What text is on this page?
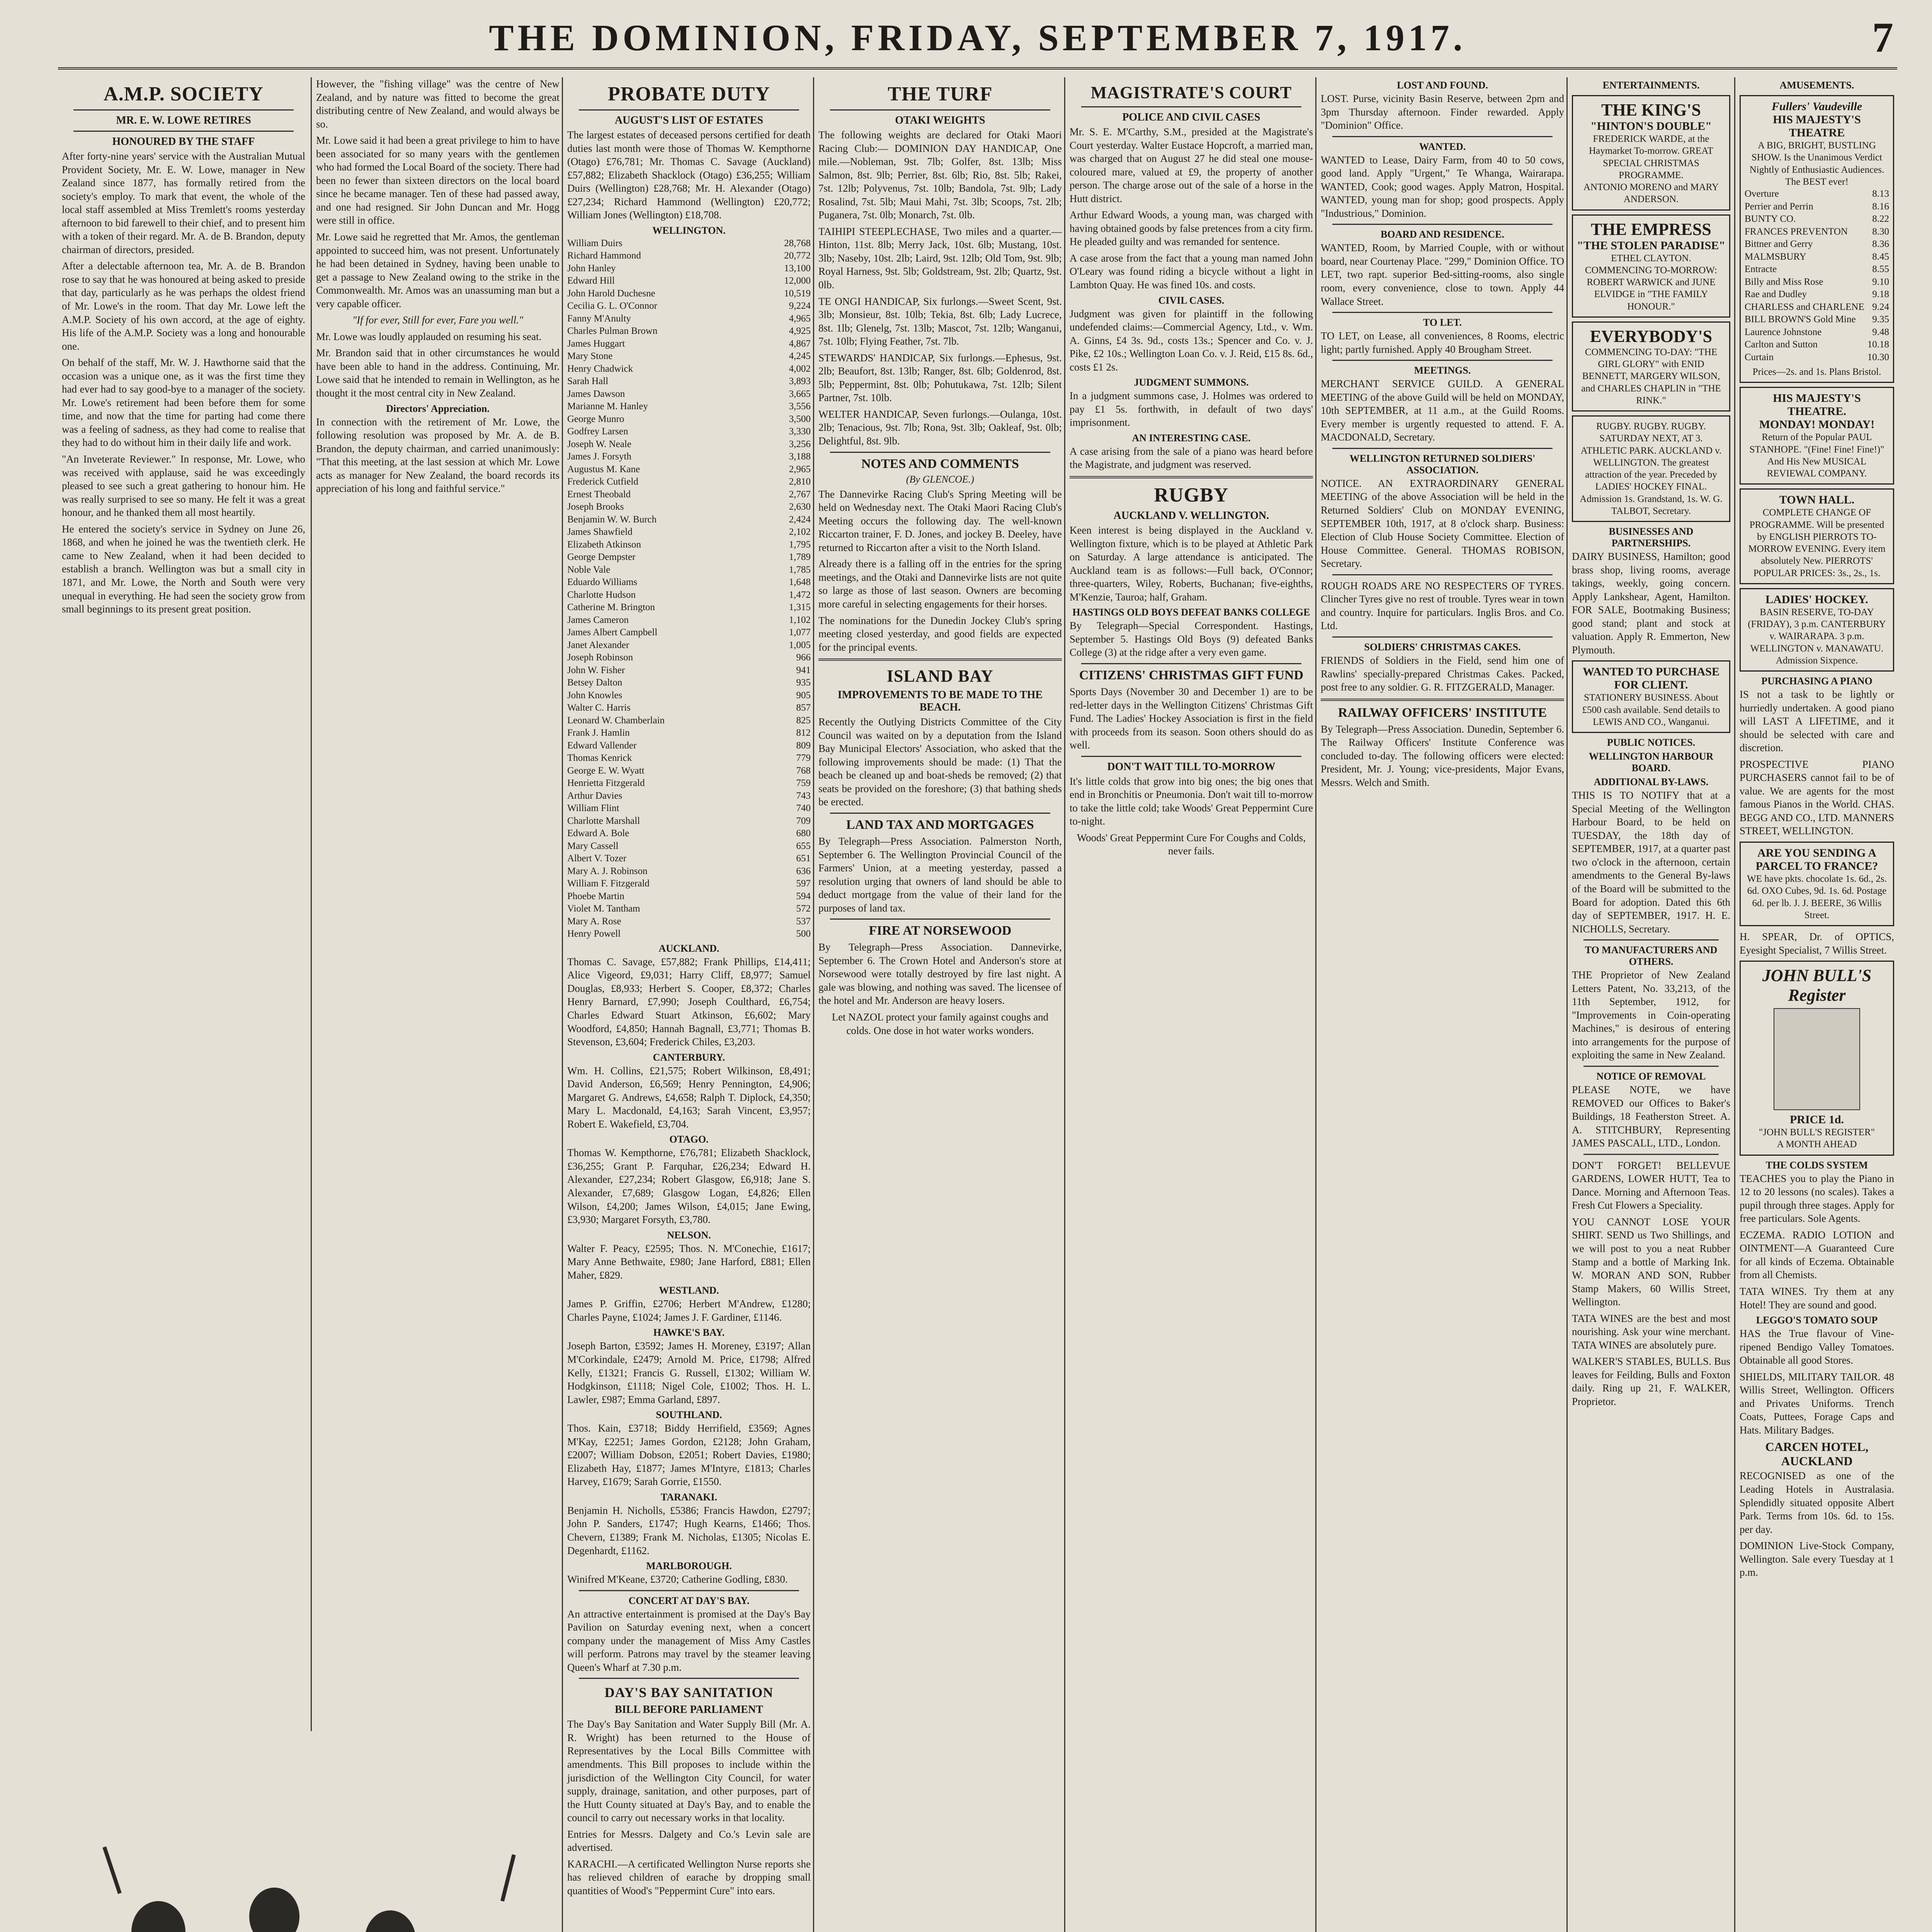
THE DOMINION, FRIDAY, SEPTEMBER 7, 1917.	7
A.M.P. SOCIETY
MR. E. W. LOWE RETIRES
HONOURED BY THE STAFF

After forty-nine years' service with the Australian Mutual Provident Society, Mr. E. W. Lowe, manager in New Zealand since 1877, has formally retired from the society's employ. To mark that event, the whole of the local staff assembled at Miss Tremlett's rooms yesterday afternoon to bid farewell to their chief, and to present him with a token of their regard. Mr. A. de B. Brandon, deputy chairman of directors, presided.

After a delectable afternoon tea, Mr. A. de B. Brandon rose to say that he was honoured at being asked to preside that day, particularly as he was perhaps the oldest friend of Mr. Lowe's in the room. That day Mr. Lowe left the A.M.P. Society of his own accord, at the age of eighty. His life of the A.M.P. Society was a long and honourable one.

On behalf of the staff, Mr. W. J. Hawthorne said that the occasion was a unique one, as it was the first time they had ever had to say good-bye to a manager of the society. Mr. Lowe's retirement had been before them for some time, and now that the time for parting had come there was a feeling of sadness, as they had come to realise that they had to do without him in their daily life and work.

"An Inveterate Reviewer." In response, Mr. Lowe, who was received with applause, said he was exceedingly pleased to see such a great gathering to honour him. He was really surprised to see so many. He felt it was a great honour, and he thanked them all most heartily.

He entered the society's service in Sydney on June 26, 1868, and when he joined he was the twentieth clerk. He came to New Zealand, when it had been decided to establish a branch. Wellington was but a small city in 1871, and Mr. Lowe, the North and South were very unequal in everything. He had seen the society grow from small beginnings to its present great position.

However, the "fishing village" was the centre of New Zealand, and by nature was fitted to become the great distributing centre of New Zealand, and would always be so.

Mr. Lowe said it had been a great privilege to him to have been associated for so many years with the gentlemen who had formed the Local Board of the society. There had been no fewer than sixteen directors on the local board since he became manager. Ten of these had passed away, and one had resigned. Sir John Duncan and Mr. Hogg were still in office.

Mr. Lowe said he regretted that Mr. Amos, the gentleman appointed to succeed him, was not present. Unfortunately he had been detained in Sydney, having been unable to get a passage to New Zealand owing to the strike in the Commonwealth. Mr. Amos was an unassuming man but a very capable officer.

"If for ever, Still for ever, Fare you well."

Mr. Lowe was loudly applauded on resuming his seat.

Mr. Brandon said that in other circumstances he would have been able to hand in the address. Continuing, Mr. Lowe said that he intended to remain in Wellington, as he thought it the most central city in New Zealand.

Directors' Appreciation.

In connection with the retirement of Mr. Lowe, the following resolution was proposed by Mr. A. de B. Brandon, the deputy chairman, and carried unanimously: "That this meeting, at the last session at which Mr. Lowe acts as manager for New Zealand, the board records its appreciation of his long and faithful service."

PROBATE DUTY
AUGUST'S LIST OF ESTATES

The largest estates of deceased persons certified for death duties last month were those of Thomas W. Kempthorne (Otago) £76,781; Mr. Thomas C. Savage (Auckland) £57,882; Elizabeth Shacklock (Otago) £36,255; William Duirs (Wellington) £28,768; Mr. H. Alexander (Otago) £27,234; Richard Hammond (Wellington) £20,772; William Jones (Wellington) £18,708.

WELLINGTON.
William Duirs	28,768
Richard Hammond	20,772
John Hanley	13,100
Edward Hill	12,000
John Harold Duchesne	10,519
Cecilia G. L. O'Connor	9,224
Fanny M'Anulty	4,965
Charles Pulman Brown	4,925
James Huggart	4,867
Mary Stone	4,245
Henry Chadwick	4,002
Sarah Hall	3,893
James Dawson	3,665
Marianne M. Hanley	3,556
George Munro	3,500
Godfrey Larsen	3,330
Joseph W. Neale	3,256
James J. Forsyth	3,188
Augustus M. Kane	2,965
Frederick Cutfield	2,810
Ernest Theobald	2,767
Joseph Brooks	2,630
Benjamin W. W. Burch	2,424
James Shawfield	2,102
Elizabeth Atkinson	1,795
George Dempster	1,789
Noble Vale	1,785
Eduardo Williams	1,648
Charlotte Hudson	1,472
Catherine M. Brington	1,315
James Cameron	1,102
James Albert Campbell	1,077
Janet Alexander	1,005
Joseph Robinson	966
John W. Fisher	941
Betsey Dalton	935
John Knowles	905
Walter C. Harris	857
Leonard W. Chamberlain	825
Frank J. Hamlin	812
Edward Vallender	809
Thomas Kenrick	779
George E. W. Wyatt	768
Henrietta Fitzgerald	759
Arthur Davies	743
William Flint	740
Charlotte Marshall	709
Edward A. Bole	680
Mary Cassell	655
Albert V. Tozer	651
Mary A. J. Robinson	636
William F. Fitzgerald	597
Phoebe Martin	594
Violet M. Tantham	572
Mary A. Rose	537
Henry Powell	500
AUCKLAND.

Thomas C. Savage, £57,882; Frank Phillips, £14,411; Alice Vigeord, £9,031; Harry Cliff, £8,977; Samuel Douglas, £8,933; Herbert S. Cooper, £8,372; Charles Henry Barnard, £7,990; Joseph Coulthard, £6,754; Charles Edward Stuart Atkinson, £6,602; Mary Woodford, £4,850; Hannah Bagnall, £3,771; Thomas B. Stevenson, £3,604; Frederick Chiles, £3,203.

CANTERBURY.

Wm. H. Collins, £21,575; Robert Wilkinson, £8,491; David Anderson, £6,569; Henry Pennington, £4,906; Margaret G. Andrews, £4,658; Ralph T. Diplock, £4,350; Mary L. Macdonald, £4,163; Sarah Vincent, £3,957; Robert E. Wakefield, £3,704.

OTAGO.

Thomas W. Kempthorne, £76,781; Elizabeth Shacklock, £36,255; Grant P. Farquhar, £26,234; Edward H. Alexander, £27,234; Robert Glasgow, £6,918; Jane S. Alexander, £7,689; Glasgow Logan, £4,826; Ellen Wilson, £4,200; James Wilson, £4,015; Jane Ewing, £3,930; Margaret Forsyth, £3,780.

NELSON.

Walter F. Peacy, £2595; Thos. N. M'Conechie, £1617; Mary Anne Bethwaite, £980; Jane Harford, £881; Ellen Maher, £829.

WESTLAND.

James P. Griffin, £2706; Herbert M'Andrew, £1280; Charles Payne, £1024; James J. F. Gardiner, £1146.

HAWKE'S BAY.

Joseph Barton, £3592; James H. Moreney, £3197; Allan M'Corkindale, £2479; Arnold M. Price, £1798; Alfred Kelly, £1321; Francis G. Russell, £1302; William W. Hodgkinson, £1118; Nigel Cole, £1002; Thos. H. L. Lawler, £987; Emma Garland, £897.

SOUTHLAND.

Thos. Kain, £3718; Biddy Herrifield, £3569; Agnes M'Kay, £2251; James Gordon, £2128; John Graham, £2007; William Dobson, £2051; Robert Davies, £1980; Elizabeth Hay, £1877; James M'Intyre, £1813; Charles Harvey, £1679; Sarah Gorrie, £1550.

TARANAKI.

Benjamin H. Nicholls, £5386; Francis Hawdon, £2797; John P. Sanders, £1747; Hugh Kearns, £1466; Thos. Chevern, £1389; Frank M. Nicholas, £1305; Nicolas E. Degenhardt, £1162.

MARLBOROUGH.

Winifred M'Keane, £3720; Catherine Godling, £830.

CONCERT AT DAY'S BAY.

An attractive entertainment is promised at the Day's Bay Pavilion on Saturday evening next, when a concert company under the management of Miss Amy Castles will perform. Patrons may travel by the steamer leaving Queen's Wharf at 7.30 p.m.

DAY'S BAY SANITATION
BILL BEFORE PARLIAMENT

The Day's Bay Sanitation and Water Supply Bill (Mr. A. R. Wright) has been returned to the House of Representatives by the Local Bills Committee with amendments. This Bill proposes to include within the jurisdiction of the Wellington City Council, for water supply, drainage, sanitation, and other purposes, part of the Hutt County situated at Day's Bay, and to enable the council to carry out necessary works in that locality.

Entries for Messrs. Dalgety and Co.'s Levin sale are advertised.

KARACHI.—A certificated Wellington Nurse reports she has relieved children of earache by dropping small quantities of Wood's "Peppermint Cure" into ears.

THE TURF
OTAKI WEIGHTS

The following weights are declared for Otaki Maori Racing Club:— DOMINION DAY HANDICAP, One mile.—Nobleman, 9st. 7lb; Golfer, 8st. 13lb; Miss Salmon, 8st. 9lb; Perrier, 8st. 6lb; Rio, 8st. 5lb; Rakei, 7st. 12lb; Polyvenus, 7st. 10lb; Bandola, 7st. 9lb; Lady Rosalind, 7st. 5lb; Maui Mahi, 7st. 3lb; Scoops, 7st. 2lb; Puganera, 7st. 0lb; Monarch, 7st. 0lb.

TAIHIPI STEEPLECHASE, Two miles and a quarter.—Hinton, 11st. 8lb; Merry Jack, 10st. 6lb; Mustang, 10st. 3lb; Naseby, 10st. 2lb; Laird, 9st. 12lb; Old Tom, 9st. 9lb; Royal Harness, 9st. 5lb; Goldstream, 9st. 2lb; Quartz, 9st. 0lb.

TE ONGI HANDICAP, Six furlongs.—Sweet Scent, 9st. 3lb; Monsieur, 8st. 10lb; Tekia, 8st. 6lb; Lady Lucrece, 8st. 1lb; Glenelg, 7st. 13lb; Mascot, 7st. 12lb; Wanganui, 7st. 10lb; Flying Feather, 7st. 7lb.

STEWARDS' HANDICAP, Six furlongs.—Ephesus, 9st. 2lb; Beaufort, 8st. 13lb; Ranger, 8st. 6lb; Goldenrod, 8st. 5lb; Peppermint, 8st. 0lb; Pohutukawa, 7st. 12lb; Silent Partner, 7st. 10lb.

WELTER HANDICAP, Seven furlongs.—Oulanga, 10st. 2lb; Tenacious, 9st. 7lb; Rona, 9st. 3lb; Oakleaf, 9st. 0lb; Delightful, 8st. 9lb.

NOTES AND COMMENTS
(By GLENCOE.)

The Dannevirke Racing Club's Spring Meeting will be held on Wednesday next. The Otaki Maori Racing Club's Meeting occurs the following day. The well-known Riccarton trainer, F. D. Jones, and jockey B. Deeley, have returned to Riccarton after a visit to the North Island.

Already there is a falling off in the entries for the spring meetings, and the Otaki and Dannevirke lists are not quite so large as those of last season. Owners are becoming more careful in selecting engagements for their horses.

The nominations for the Dunedin Jockey Club's spring meeting closed yesterday, and good fields are expected for the principal events.

ISLAND BAY
IMPROVEMENTS TO BE MADE TO THE BEACH.

Recently the Outlying Districts Committee of the City Council was waited on by a deputation from the Island Bay Municipal Electors' Association, who asked that the following improvements should be made: (1) That the beach be cleaned up and boat-sheds be removed; (2) that seats be provided on the foreshore; (3) that bathing sheds be erected.

LAND TAX AND MORTGAGES

By Telegraph—Press Association. Palmerston North, September 6. The Wellington Provincial Council of the Farmers' Union, at a meeting yesterday, passed a resolution urging that owners of land should be able to deduct mortgage from the value of their land for the purposes of land tax.

FIRE AT NORSEWOOD

By Telegraph—Press Association. Dannevirke, September 6. The Crown Hotel and Anderson's store at Norsewood were totally destroyed by fire last night. A gale was blowing, and nothing was saved. The licensee of the hotel and Mr. Anderson are heavy losers.

Let NAZOL protect your family against coughs and colds. One dose in hot water works wonders.

MAGISTRATE'S COURT
POLICE AND CIVIL CASES

Mr. S. E. M'Carthy, S.M., presided at the Magistrate's Court yesterday. Walter Eustace Hopcroft, a married man, was charged that on August 27 he did steal one mouse-coloured mare, valued at £9, the property of another person. The charge arose out of the sale of a horse in the Hutt district.

Arthur Edward Woods, a young man, was charged with having obtained goods by false pretences from a city firm. He pleaded guilty and was remanded for sentence.

A case arose from the fact that a young man named John O'Leary was found riding a bicycle without a light in Lambton Quay. He was fined 10s. and costs.

CIVIL CASES.

Judgment was given for plaintiff in the following undefended claims:—Commercial Agency, Ltd., v. Wm. A. Ginns, £4 3s. 9d., costs 13s.; Spencer and Co. v. J. Pike, £2 10s.; Wellington Loan Co. v. J. Reid, £15 8s. 6d., costs £1 2s.

JUDGMENT SUMMONS.

In a judgment summons case, J. Holmes was ordered to pay £1 5s. forthwith, in default of two days' imprisonment.

AN INTERESTING CASE.

A case arising from the sale of a piano was heard before the Magistrate, and judgment was reserved.

RUGBY
AUCKLAND V. WELLINGTON.

Keen interest is being displayed in the Auckland v. Wellington fixture, which is to be played at Athletic Park on Saturday. A large attendance is anticipated. The Auckland team is as follows:—Full back, O'Connor; three-quarters, Wiley, Roberts, Buchanan; five-eighths, M'Kenzie, Tauroa; half, Graham.

HASTINGS OLD BOYS DEFEAT BANKS COLLEGE

By Telegraph—Special Correspondent. Hastings, September 5. Hastings Old Boys (9) defeated Banks College (3) at the ridge after a very even game.

CITIZENS' CHRISTMAS GIFT FUND

Sports Days (November 30 and December 1) are to be red-letter days in the Wellington Citizens' Christmas Gift Fund. The Ladies' Hockey Association is first in the field with proceeds from its season. Soon others should do as well.

DON'T WAIT TILL TO-MORROW

It's little colds that grow into big ones; the big ones that end in Bronchitis or Pneumonia. Don't wait till to-morrow to take the little cold; take Woods' Great Peppermint Cure to-night.

Woods' Great Peppermint Cure For Coughs and Colds, never fails.

LOST AND FOUND.

LOST. Purse, vicinity Basin Reserve, between 2pm and 3pm Thursday afternoon. Finder rewarded. Apply "Dominion" Office.

WANTED.

WANTED to Lease, Dairy Farm, from 40 to 50 cows, good land. Apply "Urgent," Te Whanga, Wairarapa. WANTED, Cook; good wages. Apply Matron, Hospital. WANTED, young man for shop; good prospects. Apply "Industrious," Dominion.

BOARD AND RESIDENCE.

WANTED, Room, by Married Couple, with or without board, near Courtenay Place. "299," Dominion Office. TO LET, two rapt. superior Bed-sitting-rooms, also single room, every convenience, close to town. Apply 44 Wallace Street.

TO LET.

TO LET, on Lease, all conveniences, 8 Rooms, electric light; partly furnished. Apply 40 Brougham Street.

MEETINGS.

MERCHANT SERVICE GUILD. A GENERAL MEETING of the above Guild will be held on MONDAY, 10th SEPTEMBER, at 11 a.m., at the Guild Rooms. Every member is urgently requested to attend. F. A. MACDONALD, Secretary.

WELLINGTON RETURNED SOLDIERS' ASSOCIATION.

NOTICE. AN EXTRAORDINARY GENERAL MEETING of the above Association will be held in the Returned Soldiers' Club on MONDAY EVENING, SEPTEMBER 10th, 1917, at 8 o'clock sharp. Business: Election of Club House Society Committee. Election of House Committee. General. THOMAS ROBISON, Secretary.

ROUGH ROADS ARE NO RESPECTERS OF TYRES. Clincher Tyres give no rest of trouble. Tyres wear in town and country. Inquire for particulars. Inglis Bros. and Co. Ltd.

SOLDIERS' CHRISTMAS CAKES.

FRIENDS of Soldiers in the Field, send him one of Rawlins' specially-prepared Christmas Cakes. Packed, post free to any soldier. G. R. FITZGERALD, Manager.

RAILWAY OFFICERS' INSTITUTE

By Telegraph—Press Association. Dunedin, September 6. The Railway Officers' Institute Conference was concluded to-day. The following officers were elected: President, Mr. J. Young; vice-presidents, Major Evans, Messrs. Welch and Smith.

ENTERTAINMENTS.
THE KING'S
"HINTON'S DOUBLE"
FREDERICK WARDE, at the Haymarket To-morrow. GREAT SPECIAL CHRISTMAS PROGRAMME.
ANTONIO MORENO and MARY ANDERSON.
THE EMPRESS
"THE STOLEN PARADISE"
ETHEL CLAYTON. COMMENCING TO-MORROW: ROBERT WARWICK and JUNE ELVIDGE in "THE FAMILY HONOUR."
EVERYBODY'S
COMMENCING TO-DAY: "THE GIRL GLORY" with ENID BENNETT, MARGERY WILSON, and CHARLES CHAPLIN in "THE RINK."
RUGBY. RUGBY. RUGBY. SATURDAY NEXT, AT 3. ATHLETIC PARK. AUCKLAND v. WELLINGTON. The greatest attraction of the year. Preceded by LADIES' HOCKEY FINAL. Admission 1s. Grandstand, 1s. W. G. TALBOT, Secretary.
BUSINESSES AND PARTNERSHIPS.

DAIRY BUSINESS, Hamilton; good brass shop, living rooms, average takings, weekly, going concern. Apply Lankshear, Agent, Hamilton. FOR SALE, Bootmaking Business; good stand; plant and stock at valuation. Apply R. Emmerton, New Plymouth.

WANTED TO PURCHASE FOR CLIENT.
STATIONERY BUSINESS. About £500 cash available. Send details to LEWIS AND CO., Wanganui.
PUBLIC NOTICES.
WELLINGTON HARBOUR BOARD.
ADDITIONAL BY-LAWS.

THIS IS TO NOTIFY that at a Special Meeting of the Wellington Harbour Board, to be held on TUESDAY, the 18th day of SEPTEMBER, 1917, at a quarter past two o'clock in the afternoon, certain amendments to the General By-laws of the Board will be submitted to the Board for adoption. Dated this 6th day of SEPTEMBER, 1917. H. E. NICHOLLS, Secretary.

TO MANUFACTURERS AND OTHERS.

THE Proprietor of New Zealand Letters Patent, No. 33,213, of the 11th September, 1912, for "Improvements in Coin-operating Machines," is desirous of entering into arrangements for the purpose of exploiting the same in New Zealand.

NOTICE OF REMOVAL

PLEASE NOTE, we have REMOVED our Offices to Baker's Buildings, 18 Featherston Street. A. A. STITCHBURY, Representing JAMES PASCALL, LTD., London.

DON'T FORGET! BELLEVUE GARDENS, LOWER HUTT, Tea to Dance. Morning and Afternoon Teas. Fresh Cut Flowers a Speciality.

YOU CANNOT LOSE YOUR SHIRT. SEND us Two Shillings, and we will post to you a neat Rubber Stamp and a bottle of Marking Ink. W. MORAN AND SON, Rubber Stamp Makers, 60 Willis Street, Wellington.

TATA WINES are the best and most nourishing. Ask your wine merchant. TATA WINES are absolutely pure.

WALKER'S STABLES, BULLS. Bus leaves for Feilding, Bulls and Foxton daily. Ring up 21, F. WALKER, Proprietor.

AMUSEMENTS.
Fullers' Vaudeville
HIS MAJESTY'S THEATRE
A BIG, BRIGHT, BUSTLING SHOW. Is the Unanimous Verdict Nightly of Enthusiastic Audiences. The BEST ever!
Overture	8.13
Perrier and Perrin	8.16
BUNTY CO.	8.22
FRANCES PREVENTON	8.30
Bittner and Gerry	8.36
MALMSBURY	8.45
Entracte	8.55
Billy and Miss Rose	9.10
Rae and Dudley	9.18
CHARLESS and CHARLENE 9.24
BILL BROWN'S Gold Mine 9.35
Laurence Johnstone	9.48
Carlton and Sutton	10.18
Curtain	10.30
Prices—2s. and 1s. Plans Bristol.
HIS MAJESTY'S THEATRE.
MONDAY! MONDAY!
Return of the Popular PAUL STANHOPE. "(Fine! Fine! Fine!)" And His New MUSICAL REVIEWAL COMPANY.
TOWN HALL.
COMPLETE CHANGE OF PROGRAMME. Will be presented by ENGLISH PIERROTS TO-MORROW EVENING. Every item absolutely New. PIERROTS' POPULAR PRICES: 3s., 2s., 1s.
LADIES' HOCKEY.
BASIN RESERVE, TO-DAY (FRIDAY), 3 p.m. CANTERBURY v. WAIRARAPA. 3 p.m. WELLINGTON v. MANAWATU. Admission Sixpence.
PURCHASING A PIANO

IS not a task to be lightly or hurriedly undertaken. A good piano will LAST A LIFETIME, and it should be selected with care and discretion.

PROSPECTIVE PIANO PURCHASERS cannot fail to be of value. We are agents for the most famous Pianos in the World. CHAS. BEGG AND CO., LTD. MANNERS STREET, WELLINGTON.

ARE YOU SENDING A PARCEL TO FRANCE?
WE have pkts. chocolate 1s. 6d., 2s. 6d. OXO Cubes, 9d. 1s. 6d. Postage 6d. per lb. J. J. BEERE, 36 Willis Street.

H. SPEAR, Dr. of OPTICS, Eyesight Specialist, 7 Willis Street.

JOHN BULL'S Register
PRICE 1d.
"JOHN BULL'S REGISTER"
A MONTH AHEAD
THE COLDS SYSTEM

TEACHES you to play the Piano in 12 to 20 lessons (no scales). Takes a pupil through three stages. Apply for free particulars. Sole Agents.

ECZEMA. RADIO LOTION and OINTMENT—A Guaranteed Cure for all kinds of Eczema. Obtainable from all Chemists.

TATA WINES. Try them at any Hotel! They are sound and good.

LEGGO'S TOMATO SOUP

HAS the True flavour of Vine-ripened Bendigo Valley Tomatoes. Obtainable all good Stores.

SHIELDS, MILITARY TAILOR. 48 Willis Street, Wellington. Officers and Privates Uniforms. Trench Coats, Puttees, Forage Caps and Hats. Military Badges.

CARCEN HOTEL, AUCKLAND

RECOGNISED as one of the Leading Hotels in Australasia. Splendidly situated opposite Albert Park. Terms from 10s. 6d. to 15s. per day.

DOMINION Live-Stock Company, Wellington. Sale every Tuesday at 1 p.m.
